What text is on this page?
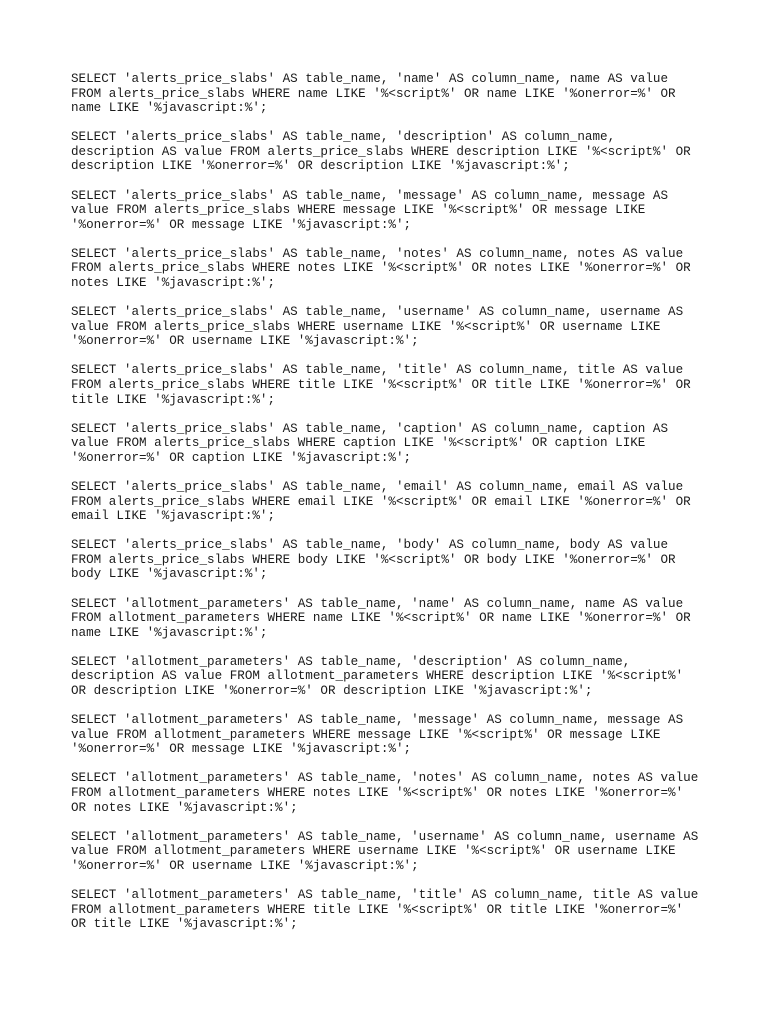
SELECT 'alerts_price_slabs' AS table_name, 'name' AS column_name, name AS value
FROM alerts_price_slabs WHERE name LIKE '%<script%' OR name LIKE '%onerror=%' OR
name LIKE '%javascript:%';

SELECT 'alerts_price_slabs' AS table_name, 'description' AS column_name,
description AS value FROM alerts_price_slabs WHERE description LIKE '%<script%' OR
description LIKE '%onerror=%' OR description LIKE '%javascript:%';

SELECT 'alerts_price_slabs' AS table_name, 'message' AS column_name, message AS
value FROM alerts_price_slabs WHERE message LIKE '%<script%' OR message LIKE
'%onerror=%' OR message LIKE '%javascript:%';

SELECT 'alerts_price_slabs' AS table_name, 'notes' AS column_name, notes AS value
FROM alerts_price_slabs WHERE notes LIKE '%<script%' OR notes LIKE '%onerror=%' OR
notes LIKE '%javascript:%';

SELECT 'alerts_price_slabs' AS table_name, 'username' AS column_name, username AS
value FROM alerts_price_slabs WHERE username LIKE '%<script%' OR username LIKE
'%onerror=%' OR username LIKE '%javascript:%';

SELECT 'alerts_price_slabs' AS table_name, 'title' AS column_name, title AS value
FROM alerts_price_slabs WHERE title LIKE '%<script%' OR title LIKE '%onerror=%' OR
title LIKE '%javascript:%';

SELECT 'alerts_price_slabs' AS table_name, 'caption' AS column_name, caption AS
value FROM alerts_price_slabs WHERE caption LIKE '%<script%' OR caption LIKE
'%onerror=%' OR caption LIKE '%javascript:%';

SELECT 'alerts_price_slabs' AS table_name, 'email' AS column_name, email AS value
FROM alerts_price_slabs WHERE email LIKE '%<script%' OR email LIKE '%onerror=%' OR
email LIKE '%javascript:%';

SELECT 'alerts_price_slabs' AS table_name, 'body' AS column_name, body AS value
FROM alerts_price_slabs WHERE body LIKE '%<script%' OR body LIKE '%onerror=%' OR
body LIKE '%javascript:%';

SELECT 'allotment_parameters' AS table_name, 'name' AS column_name, name AS value
FROM allotment_parameters WHERE name LIKE '%<script%' OR name LIKE '%onerror=%' OR
name LIKE '%javascript:%';

SELECT 'allotment_parameters' AS table_name, 'description' AS column_name,
description AS value FROM allotment_parameters WHERE description LIKE '%<script%'
OR description LIKE '%onerror=%' OR description LIKE '%javascript:%';

SELECT 'allotment_parameters' AS table_name, 'message' AS column_name, message AS
value FROM allotment_parameters WHERE message LIKE '%<script%' OR message LIKE
'%onerror=%' OR message LIKE '%javascript:%';

SELECT 'allotment_parameters' AS table_name, 'notes' AS column_name, notes AS value
FROM allotment_parameters WHERE notes LIKE '%<script%' OR notes LIKE '%onerror=%'
OR notes LIKE '%javascript:%';

SELECT 'allotment_parameters' AS table_name, 'username' AS column_name, username AS
value FROM allotment_parameters WHERE username LIKE '%<script%' OR username LIKE
'%onerror=%' OR username LIKE '%javascript:%';

SELECT 'allotment_parameters' AS table_name, 'title' AS column_name, title AS value
FROM allotment_parameters WHERE title LIKE '%<script%' OR title LIKE '%onerror=%'
OR title LIKE '%javascript:%';
